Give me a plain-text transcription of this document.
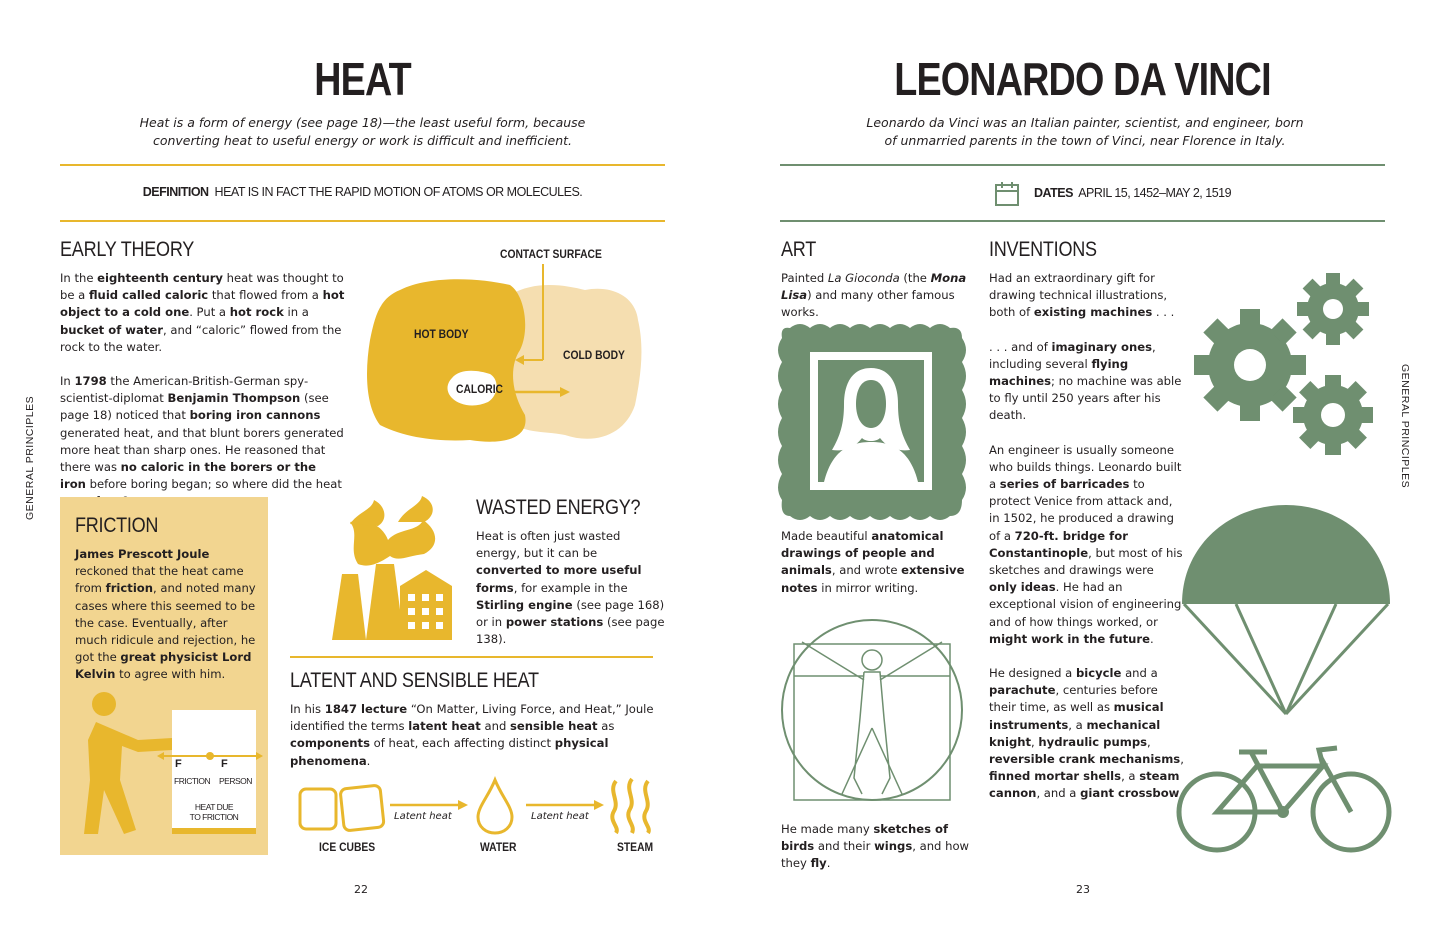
HEAT

Heat is a form of energy (see page 18)—the least useful form, because converting heat to useful energy or work is difficult and inefficient.

DEFINITION HEAT IS IN FACT THE RAPID MOTION OF ATOMS OR MOLECULES.
GENERAL PRINCIPLES

EARLY THEORY

In the eighteenth century heat was thought to be a fluid called caloric that flowed from a hot object to a cold one. Put a hot rock in a bucket of water, and “caloric” flowed from the rock to the water.

In 1798 the American-British-German spy-scientist-diplomat Benjamin Thompson (see page 18) noticed that boring iron cannons generated heat, and that blunt borers generated more heat than sharp ones. He reasoned that there was no caloric in the borers or the iron before boring began; so where did the heat

CONTACT SURFACE
HOT BODY
COLD BODY
CALORIC

FRICTION

James Prescott Joule reckoned that the heat came from friction, and noted many cases where this seemed to be the case. Eventually, after much ridicule and rejection, he got the great physicist Lord Kelvin to agree with him.

F	F
FRICTION PERSON
HEAT DUE
TO FRICTION

WASTED ENERGY?

Heat is often just wasted energy, but it can be converted to more useful forms, for example in the Stirling engine (see page 168) or in power stations (see page 138).

LATENT AND SENSIBLE HEAT

In his 1847 lecture “On Matter, Living Force, and Heat,” Joule identified the terms latent heat and sensible heat as components of heat, each affecting distinct physical phenomena.

Latent heat	Latent heat
ICE CUBES	WATER	STEAM
22

LEONARDO DA VINCI

Leonardo da Vinci was an Italian painter, scientist, and engineer, born of unmarried parents in the town of Vinci, near Florence in Italy.

DATES APRIL 15, 1452–MAY 2, 1519
GENERAL PRINCIPLES

ART

Painted La Gioconda (the Mona Lisa) and many other famous works.

Made beautiful anatomical drawings of people and animals, and wrote extensive notes in mirror writing.

He made many sketches of birds and their wings, and how they fly.

INVENTIONS

Had an extraordinary gift for drawing technical illustrations, both of existing machines . . .

. . . and of imaginary ones, including several flying machines; no machine was able to fly until 250 years after his death.

An engineer is usually someone who builds things. Leonardo built a series of barricades to protect Venice from attack and, in 1502, he produced a drawing of a 720-ft. bridge for Constantinople, but most of his sketches and drawings were only ideas. He had an exceptional vision of engineering and of how things worked, or might work in the future.

He designed a bicycle and a parachute, centuries before their time, as well as musical instruments, a mechanical knight, hydraulic pumps, reversible crank mechanisms, finned mortar shells, a steam cannon, and a giant crossbow.

23
